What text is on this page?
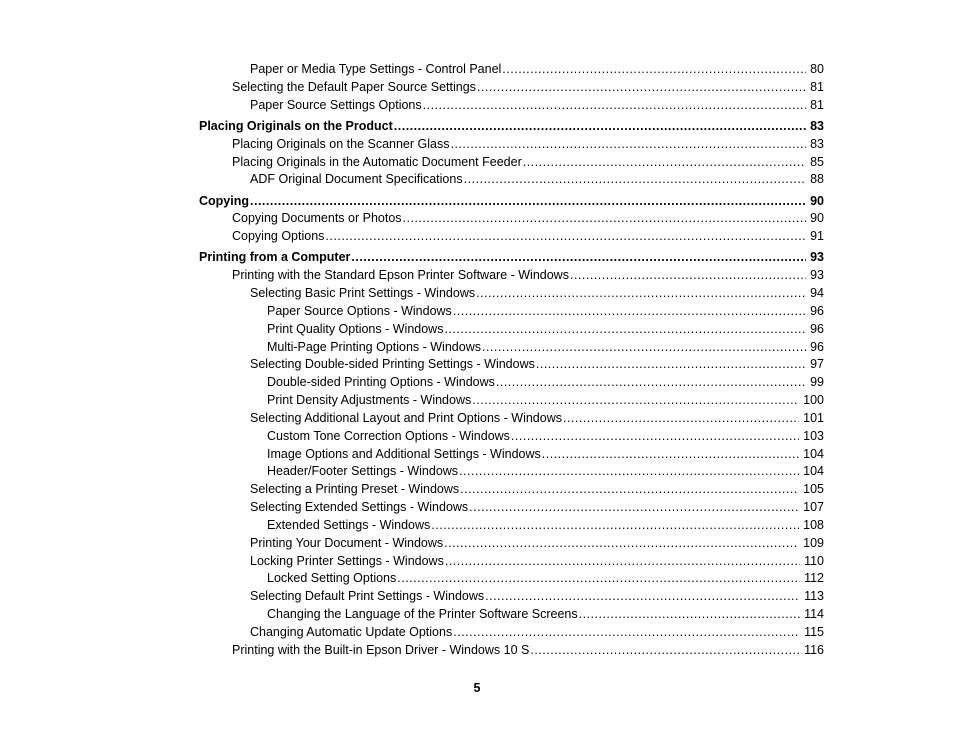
Paper or Media Type Settings - Control Panel .....	80
Selecting the Default Paper Source Settings .....	81
Paper Source Settings Options .....	81
Placing Originals on the Product .....	83
Placing Originals on the Scanner Glass .....	83
Placing Originals in the Automatic Document Feeder .....	85
ADF Original Document Specifications .....	88
Copying .....	90
Copying Documents or Photos .....	90
Copying Options .....	91
Printing from a Computer .....	93
Printing with the Standard Epson Printer Software - Windows .....	93
Selecting Basic Print Settings - Windows .....	94
Paper Source Options - Windows .....	96
Print Quality Options - Windows .....	96
Multi-Page Printing Options - Windows .....	96
Selecting Double-sided Printing Settings - Windows .....	97
Double-sided Printing Options - Windows .....	99
Print Density Adjustments - Windows .....	100
Selecting Additional Layout and Print Options - Windows .....	101
Custom Tone Correction Options - Windows .....	103
Image Options and Additional Settings - Windows .....	104
Header/Footer Settings - Windows .....	104
Selecting a Printing Preset - Windows .....	105
Selecting Extended Settings - Windows .....	107
Extended Settings - Windows .....	108
Printing Your Document - Windows .....	109
Locking Printer Settings - Windows .....	110
Locked Setting Options .....	112
Selecting Default Print Settings - Windows .....	113
Changing the Language of the Printer Software Screens .....	114
Changing Automatic Update Options .....	115
Printing with the Built-in Epson Driver - Windows 10 S .....	116
5
